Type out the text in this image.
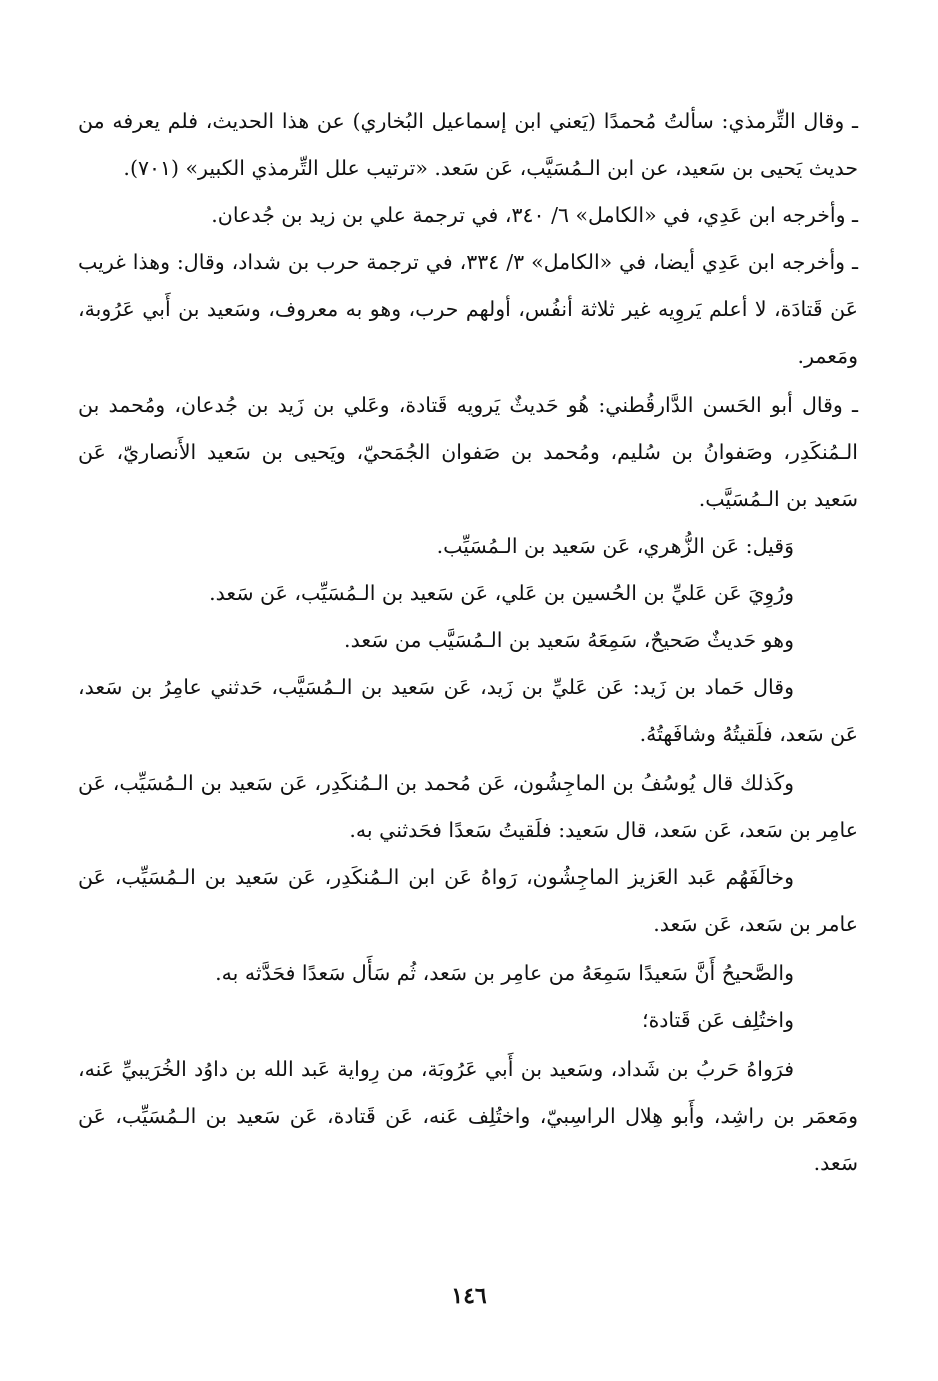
ـ وقال التِّرمذي: سألتُ مُحمدًا (يَعني ابن إسماعيل البُخاري) عن هذا الحديث، فلم يعرفه من حديث يَحيى بن سَعيد، عن ابن الـمُسَيَّب، عَن سَعد. «ترتيب علل التِّرمذي الكبير» (٧٠١).

ـ وأخرجه ابن عَدِي، في «الكامل» ٦/ ٣٤٠، في ترجمة علي بن زيد بن جُدعان.

ـ وأخرجه ابن عَدِي أيضا، في «الكامل» ٣/ ٣٣٤، في ترجمة حرب بن شداد، وقال: وهذا غريب عَن قَتادَة، لا أعلم يَروِيه غير ثلاثة أنفُس، أولهم حرب، وهو به معروف، وسَعيد بن أَبي عَرُوبة، ومَعمر.

ـ وقال أبو الحَسن الدَّارقُطني: هُو حَديثٌ يَرويه قَتادة، وعَلي بن زَيد بن جُدعان، ومُحمد بن الـمُنكَدِر، وصَفوانُ بن سُليم، ومُحمد بن صَفوان الجُمَحيّ، ويَحيى بن سَعيد الأَنصاريّ، عَن سَعيد بن الـمُسَيَّب.

وَقيل: عَن الزُّهري، عَن سَعيد بن الـمُسَيِّب.

ورُوِيَ عَن عَليِّ بن الحُسين بن عَلي، عَن سَعيد بن الـمُسَيِّب، عَن سَعد.

وهو حَديثٌ صَحيحٌ، سَمِعَهُ سَعيد بن الـمُسَيَّب من سَعد.

وقال حَماد بن زَيد: عَن عَليِّ بن زَيد، عَن سَعيد بن الـمُسَيَّب، حَدثني عامِرُ بن سَعد، عَن سَعد، فلَقيتُهُ وشافَهتُهُ.

وكَذلك قال يُوسُفُ بن الماجِشُون، عَن مُحمد بن الـمُنكَدِر، عَن سَعيد بن الـمُسَيِّب، عَن عامِر بن سَعد، عَن سَعد، قال سَعيد: فلَقيتُ سَعدًا فحَدثني به.

وخالَفَهُم عَبد العَزيز الماجِشُون، رَواهُ عَن ابن الـمُنكَدِر، عَن سَعيد بن الـمُسَيِّب، عَن عامر بن سَعد، عَن سَعد.

والصَّحيحُ أَنَّ سَعيدًا سَمِعَهُ من عامِر بن سَعد، ثُم سَأَل سَعدًا فحَدَّثه به.

واختُلِف عَن قَتادة؛

فرَواهُ حَربُ بن شَداد، وسَعيد بن أَبي عَرُوبَة، من رِواية عَبد الله بن داوُد الخُرَيبيِّ عَنه، ومَعمَر بن راشِد، وأَبو هِلال الراسِبيّ، واختُلِف عَنه، عَن قَتادة، عَن سَعيد بن الـمُسَيِّب، عَن سَعد.

١٤٦
